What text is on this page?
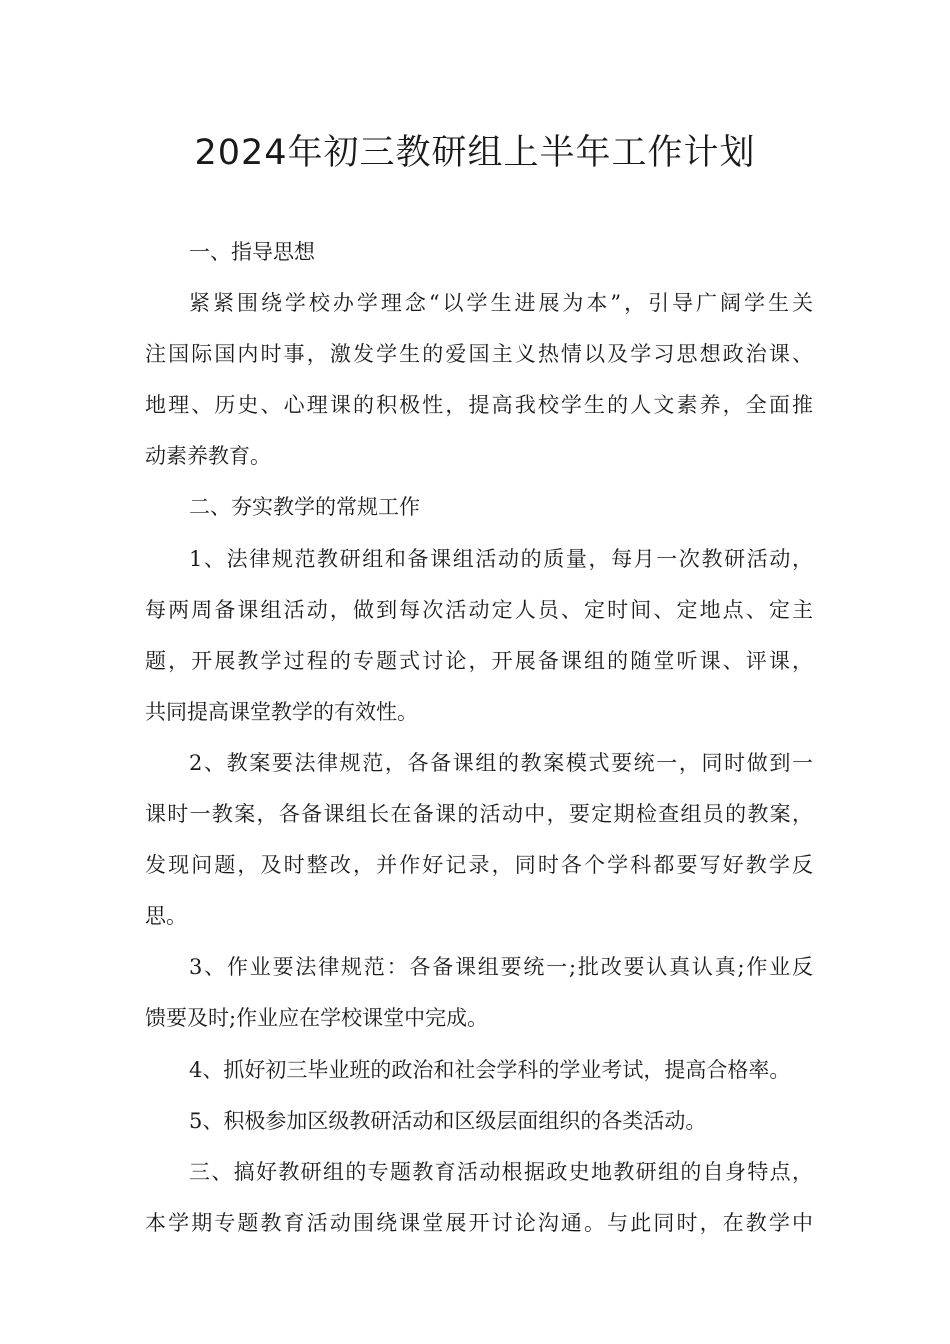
2024年初三教研组上半年工作计划
一、指导思想
紧紧围绕学校办学理念“以学生进展为本”，引导广阔学生关
注国际国内时事，激发学生的爱国主义热情以及学习思想政治课、
地理、历史、心理课的积极性，提高我校学生的人文素养，全面推
动素养教育。
二、夯实教学的常规工作
1、法律规范教研组和备课组活动的质量，每月一次教研活动，
每两周备课组活动，做到每次活动定人员、定时间、定地点、定主
题，开展教学过程的专题式讨论，开展备课组的随堂听课、评课，
共同提高课堂教学的有效性。
2、教案要法律规范，各备课组的教案模式要统一，同时做到一
课时一教案，各备课组长在备课的活动中，要定期检查组员的教案，
发现问题，及时整改，并作好记录，同时各个学科都要写好教学反
思。
3、作业要法律规范：各备课组要统一;批改要认真认真;作业反
馈要及时;作业应在学校课堂中完成。
4、抓好初三毕业班的政治和社会学科的学业考试，提高合格率。
5、积极参加区级教研活动和区级层面组织的各类活动。
三、搞好教研组的专题教育活动根据政史地教研组的自身特点，
本学期专题教育活动围绕课堂展开讨论沟通。与此同时，在教学中
